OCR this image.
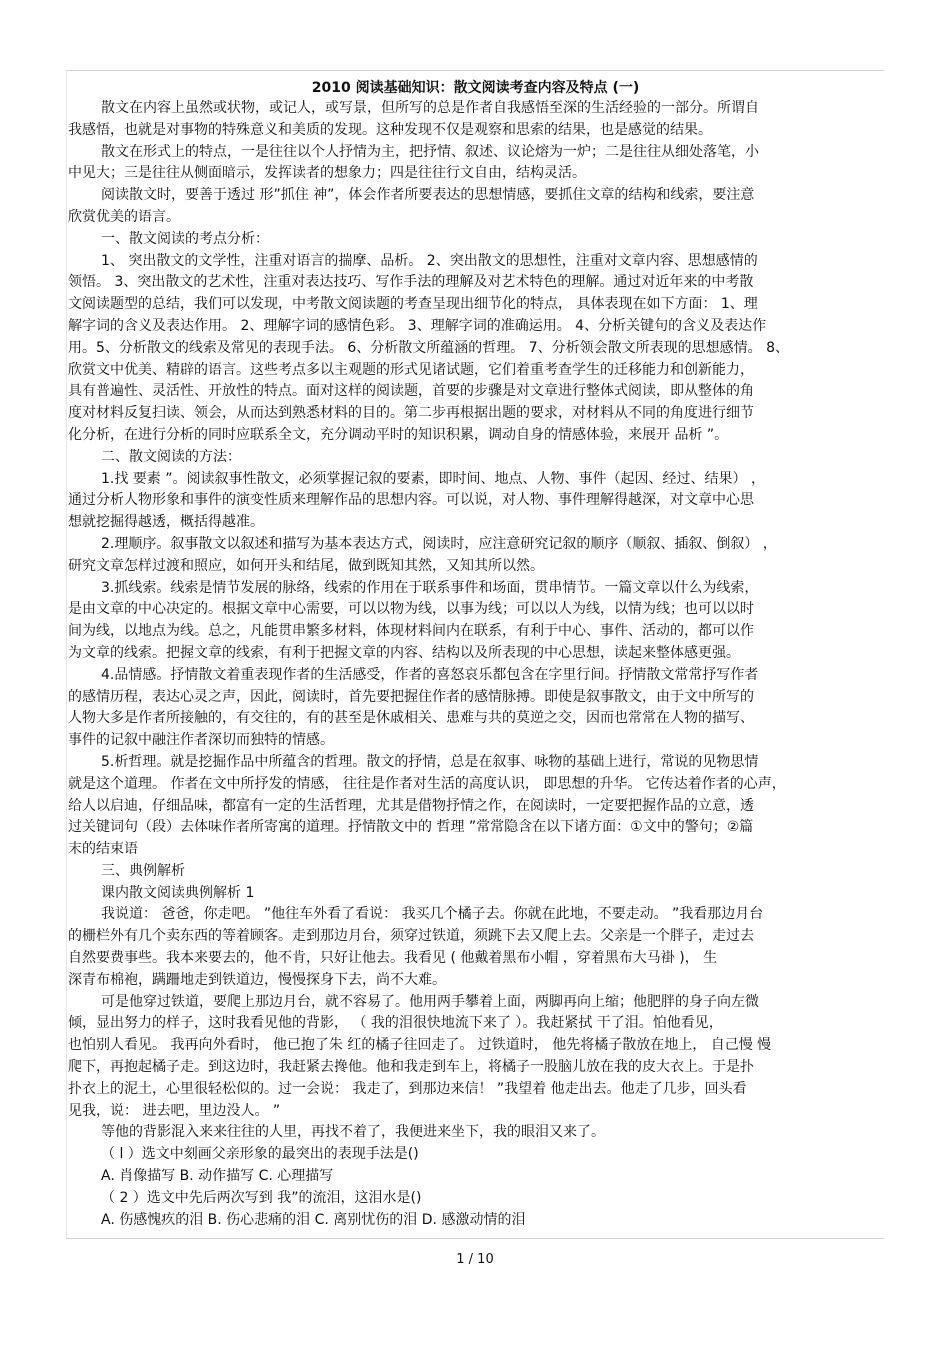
2010 阅读基础知识：散文阅读考查内容及特点 (一)
散文在内容上虽然或状物，或记人，或写景，但所写的总是作者自我感悟至深的生活经验的一部分。所谓自
我感悟，也就是对事物的特殊意义和美质的发现。这种发现不仅是观察和思索的结果，也是感觉的结果。
散文在形式上的特点，一是往往以个人抒情为主，把抒情、叙述、议论熔为一炉；二是往往从细处落笔，小
中见大；三是往往从侧面暗示，发挥读者的想象力；四是往往行文自由，结构灵活。
阅读散文时，要善于透过 形”抓住 神”，体会作者所要表达的思想情感，要抓住文章的结构和线索，要注意
欣赏优美的语言。
一、散文阅读的考点分析：
1、 突出散文的文学性，注重对语言的揣摩、品析。 2、突出散文的思想性，注重对文章内容、思想感情的
领悟。 3、突出散文的艺术性，注重对表达技巧、写作手法的理解及对艺术特色的理解。通过对近年来的中考散
文阅读题型的总结，我们可以发现，中考散文阅读题的考查呈现出细节化的特点， 具体表现在如下方面： 1、理
解字词的含义及表达作用。 2、理解字词的感情色彩。 3、理解字词的准确运用。 4、分析关键句的含义及表达作
用。5、分析散文的线索及常见的表现手法。 6、分析散文所蕴涵的哲理。 7、分析领会散文所表现的思想感情。 8、
欣赏文中优美、精辟的语言。这些考点多以主观题的形式见诸试题，它们着重考查学生的迁移能力和创新能力，
具有普遍性、灵活性、开放性的特点。面对这样的阅读题，首要的步骤是对文章进行整体式阅读，即从整体的角
度对材料反复扫读、领会，从而达到熟悉材料的目的。第二步再根据出题的要求，对材料从不同的角度进行细节
化分析，在进行分析的同时应联系全文，充分调动平时的知识积累，调动自身的情感体验，来展开 品析 ”。
二、散文阅读的方法：
1.找 要素 ”。阅读叙事性散文，必须掌握记叙的要素，即时间、地点、人物、事件（起因、经过、结果） ，
通过分析人物形象和事件的演变性质来理解作品的思想内容。可以说，对人物、事件理解得越深，对文章中心思
想就挖掘得越透，概括得越准。
2.理顺序。叙事散文以叙述和描写为基本表达方式，阅读时，应注意研究记叙的顺序（顺叙、插叙、倒叙） ，
研究文章怎样过渡和照应，如何开头和结尾，做到既知其然，又知其所以然。
3.抓线索。线索是情节发展的脉络，线索的作用在于联系事件和场面，贯串情节。一篇文章以什么为线索，
是由文章的中心决定的。根据文章中心需要，可以以物为线，以事为线；可以以人为线，以情为线；也可以以时
间为线，以地点为线。总之，凡能贯串繁多材料，体现材料间内在联系，有利于中心、事件、活动的，都可以作
为文章的线索。把握文章的线索，有利于把握文章的内容、结构以及所表现的中心思想，读起来整体感更强。
4.品情感。抒情散文着重表现作者的生活感受，作者的喜怒哀乐都包含在字里行间。抒情散文常常抒写作者
的感情历程，表达心灵之声，因此，阅读时，首先要把握住作者的感情脉搏。即使是叙事散文，由于文中所写的
人物大多是作者所接触的，有交往的，有的甚至是休戚相关、患难与共的莫逆之交，因而也常常在人物的描写、
事件的记叙中融注作者深切而独特的情感。
5.析哲理。就是挖掘作品中所蕴含的哲理。散文的抒情，总是在叙事、咏物的基础上进行，常说的见物思情
就是这个道理。 作者在文中所抒发的情感， 往往是作者对生活的高度认识， 即思想的升华。 它传达着作者的心声，
给人以启迪，仔细品味，都富有一定的生活哲理，尤其是借物抒情之作，在阅读时，一定要把握作品的立意，透
过关键词句（段）去体味作者所寄寓的道理。抒情散文中的 哲理 ”常常隐含在以下诸方面：①文中的警句；②篇
末的结束语
三、典例解析
课内散文阅读典例解析 1
我说道： 爸爸，你走吧。 ”他往车外看了看说： 我买几个橘子去。你就在此地，不要走动。 ”我看那边月台
的栅栏外有几个卖东西的等着顾客。走到那边月台，须穿过铁道，须跳下去又爬上去。父亲是一个胖子，走过去
自然要费事些。我本来要去的，他不肯，只好让他去。我看见 ( 他戴着黑布小帽 ，穿着黑布大马褂 )， 生
深青布棉袍，蹒跚地走到铁道边，慢慢探身下去，尚不大难。
可是他穿过铁道，要爬上那边月台，就不容易了。他用两手攀着上面，两脚再向上缩；他肥胖的身子向左微
倾，显出努力的样子，这时我看见他的背影， （ 我的泪很快地流下来了 ）。我赶紧拭 干了泪。怕他看见，
也怕别人看见。 我再向外看时， 他已抱了朱 红的橘子往回走了。 过铁道时， 他先将橘子散放在地上， 自己慢 慢
爬下，再抱起橘子走。到这边时，我赶紧去搀他。他和我走到车上，将橘子一股脑儿放在我的皮大衣上。于是扑
扑衣上的泥土，心里很轻松似的。过一会说： 我走了，到那边来信！ ”我望着 他走出去。他走了几步，回头看
见我，说： 进去吧，里边没人。 ”
等他的背影混入来来往往的人里，再找不着了，我便进来坐下，我的眼泪又来了。
（ l ）选文中刻画父亲形象的最突出的表现手法是()
A. 肖像描写 B. 动作描写 C. 心理描写
（ 2 ）选文中先后两次写到 我”的流泪，这泪水是()
A. 伤感愧疚的泪 B. 伤心悲痛的泪 C. 离别忧伤的泪 D. 感激动情的泪
1 / 10
